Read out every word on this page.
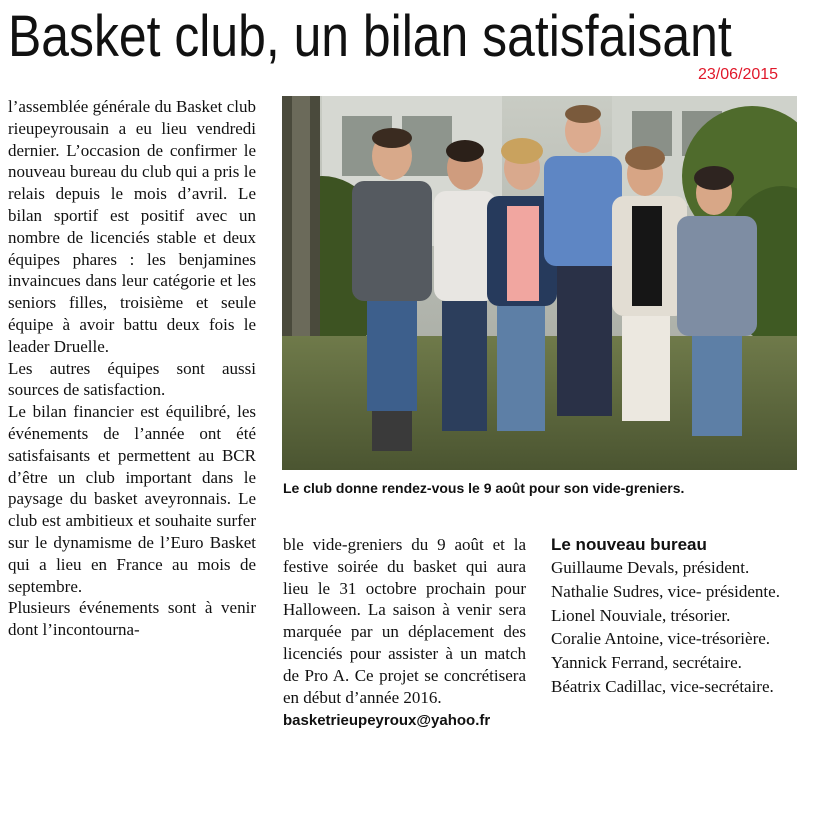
Basket club, un bilan satisfaisant
23/06/2015

l’assemblée générale du Basket club rieupeyrousain a eu lieu vendredi dernier. L’occasion de confirmer le nouveau bureau du club qui a pris le relais depuis le mois d’avril. Le bilan sportif est positif avec un nombre de licenciés stable et deux équipes phares : les benjamines invaincues dans leur catégorie et les seniors filles, troisième et seule équipe à avoir battu deux fois le leader Druelle.

Les autres équipes sont aussi sources de satisfaction.

Le bilan financier est équilibré, les événements de l’année ont été satisfaisants et permettent au BCR d’être un club important dans le paysage du basket aveyronnais. Le club est ambitieux et souhaite surfer sur le dynamisme de l’Euro Basket qui a lieu en France au mois de septembre.

Plusieurs événements sont à venir dont l’incontourna-

Le club donne rendez-vous le 9 août pour son vide-greniers.

ble vide-greniers du 9 août et la festive soirée du basket qui aura lieu le 31 octobre prochain pour Halloween. La saison à venir sera marquée par un déplacement des licenciés pour assister à un match de Pro A. Ce projet se concrétisera en début d’année 2016.

basketrieupeyroux@yahoo.fr
Le nouveau bureau

Guillaume Devals, président.

Nathalie Sudres, vice- présidente.

Lionel Nouviale, trésorier.

Coralie Antoine, vice-trésorière.

Yannick Ferrand, secrétaire.

Béatrix Cadillac, vice-secrétaire.
